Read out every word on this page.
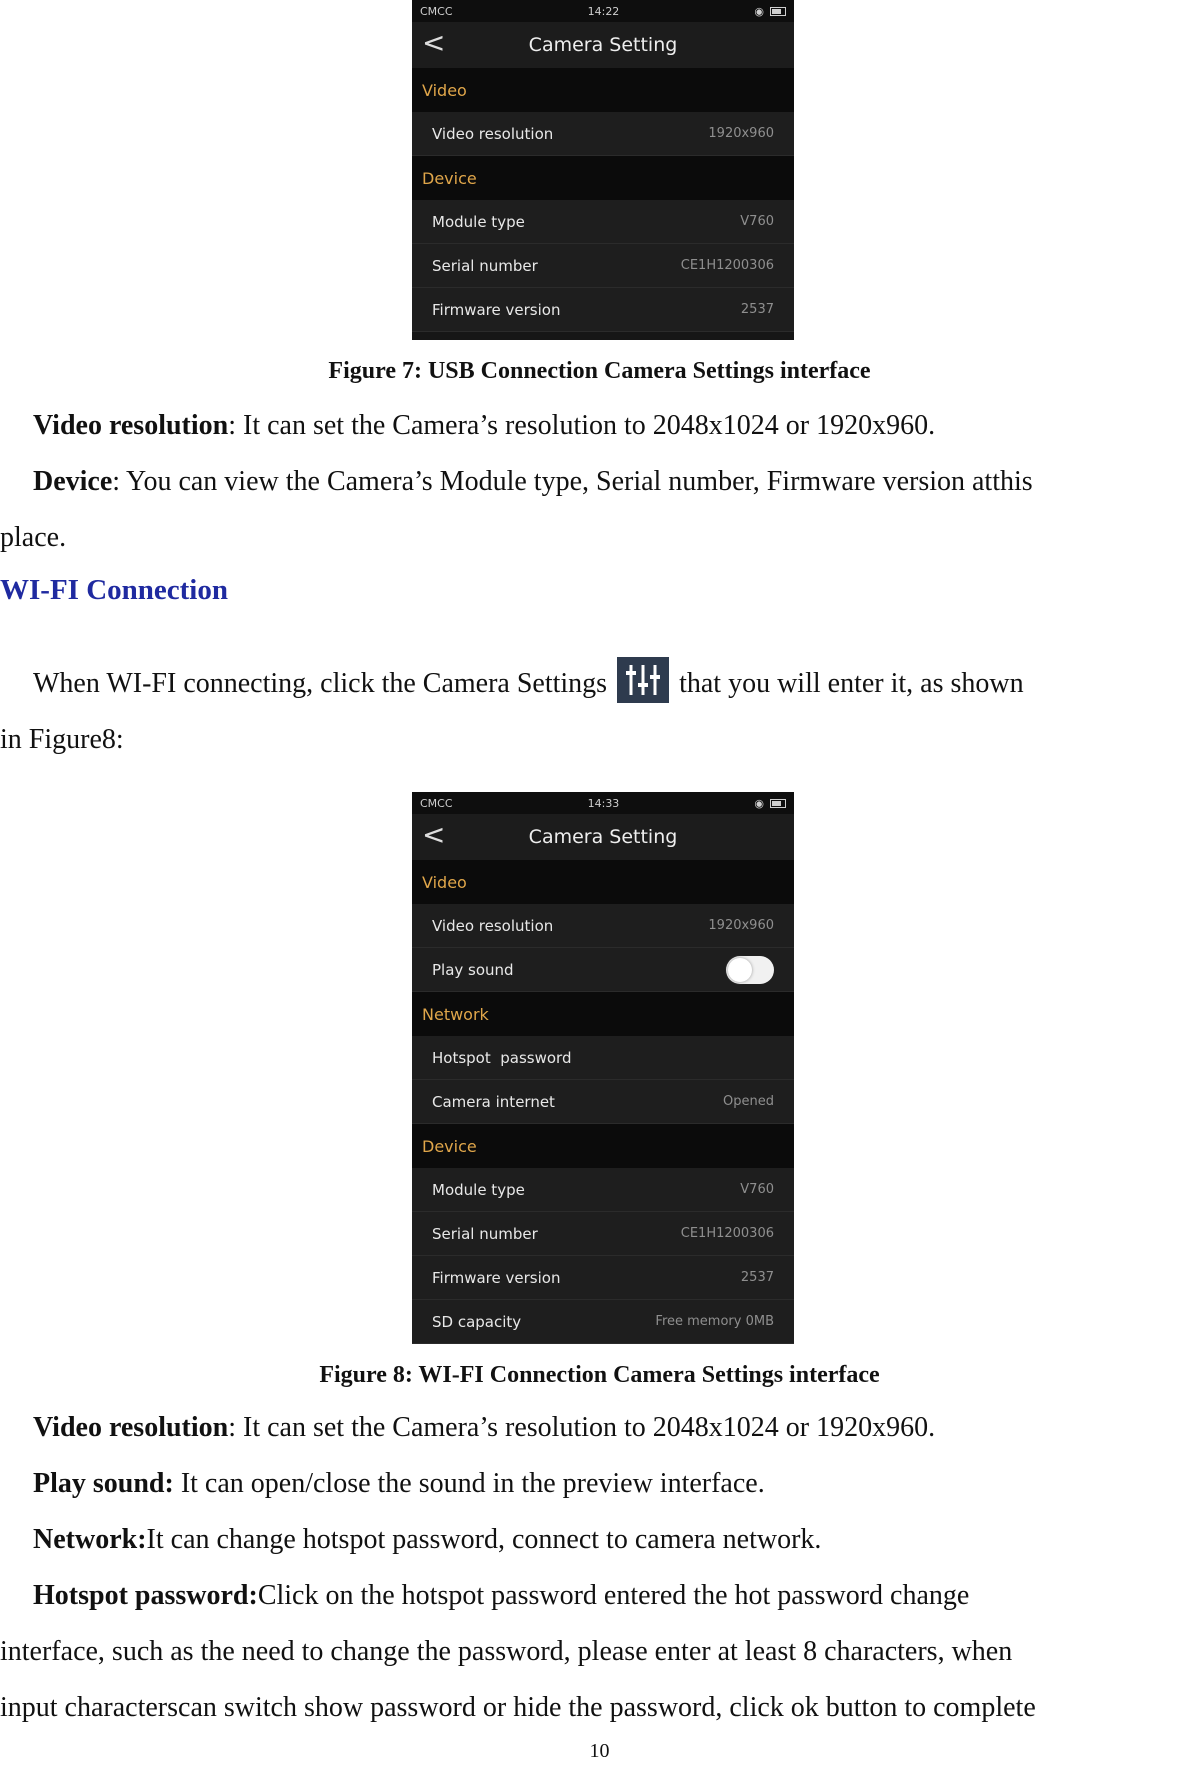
CMCC	14:22	◉
<	Camera Setting
Video
Video resolution	1920x960
Device
Module type	V760
Serial number	CE1H1200306
Firmware version	2537
Figure 7: USB Connection Camera Settings interface
Video resolution: It can set the Camera’s resolution to 2048x1024 or 1920x960.
Device: You can view the Camera’s Module type, Serial number, Firmware version atthis
place.
WI-FI Connection
When WI-FI connecting, click the Camera Settings	that you will enter it, as shown
in Figure8:
CMCC	14:33	◉
<	Camera Setting
Video
Video resolution	1920x960
Play sound
Network
Hotspot  password
Camera internet	Opened
Device
Module type	V760
Serial number	CE1H1200306
Firmware version	2537
SD capacity	Free memory 0MB
Figure 8: WI-FI Connection Camera Settings interface
Video resolution: It can set the Camera’s resolution to 2048x1024 or 1920x960.
Play sound: It can open/close the sound in the preview interface.
Network:It can change hotspot password, connect to camera network.
Hotspot password:Click on the hotspot password entered the hot password change
interface, such as the need to change the password, please enter at least 8 characters, when
input characterscan switch show password or hide the password, click ok button to complete
10
